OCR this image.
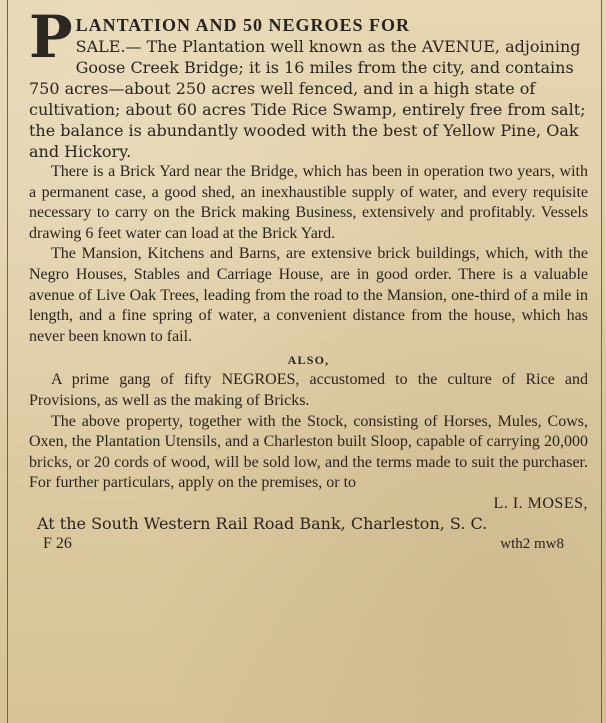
P LANTATION AND 50 NEGROES FOR
SALE.— The Plantation well known as the AVENUE, adjoining Goose Creek Bridge; it is 16 miles from the city, and contains 750 acres—about 250 acres well fenced, and in a high state of cultivation; about 60 acres Tide Rice Swamp, entirely free from salt; the balance is abundantly wooded with the best of Yellow Pine, Oak and Hickory.

There is a Brick Yard near the Bridge, which has been in operation two years, with a permanent case, a good shed, an inexhaustible supply of water, and every requisite necessary to carry on the Brick making Business, extensively and profitably. Vessels drawing 6 feet water can load at the Brick Yard.

The Mansion, Kitchens and Barns, are extensive brick buildings, which, with the Negro Houses, Stables and Carriage House, are in good order. There is a valuable avenue of Live Oak Trees, leading from the road to the Mansion, one-third of a mile in length, and a fine spring of water, a convenient distance from the house, which has never been known to fail.

ALSO,

A prime gang of fifty NEGROES, accustomed to the culture of Rice and Provisions, as well as the making of Bricks.

The above property, together with the Stock, consisting of Horses, Mules, Cows, Oxen, the Plantation Utensils, and a Charleston built Sloop, capable of carrying 20,000 bricks, or 20 cords of wood, will be sold low, and the terms made to suit the purchaser. For further particulars, apply on the premises, or to

L. I. MOSES,
At the South Western Rail Road Bank, Charleston, S. C.
F 26	wth2 mw8
